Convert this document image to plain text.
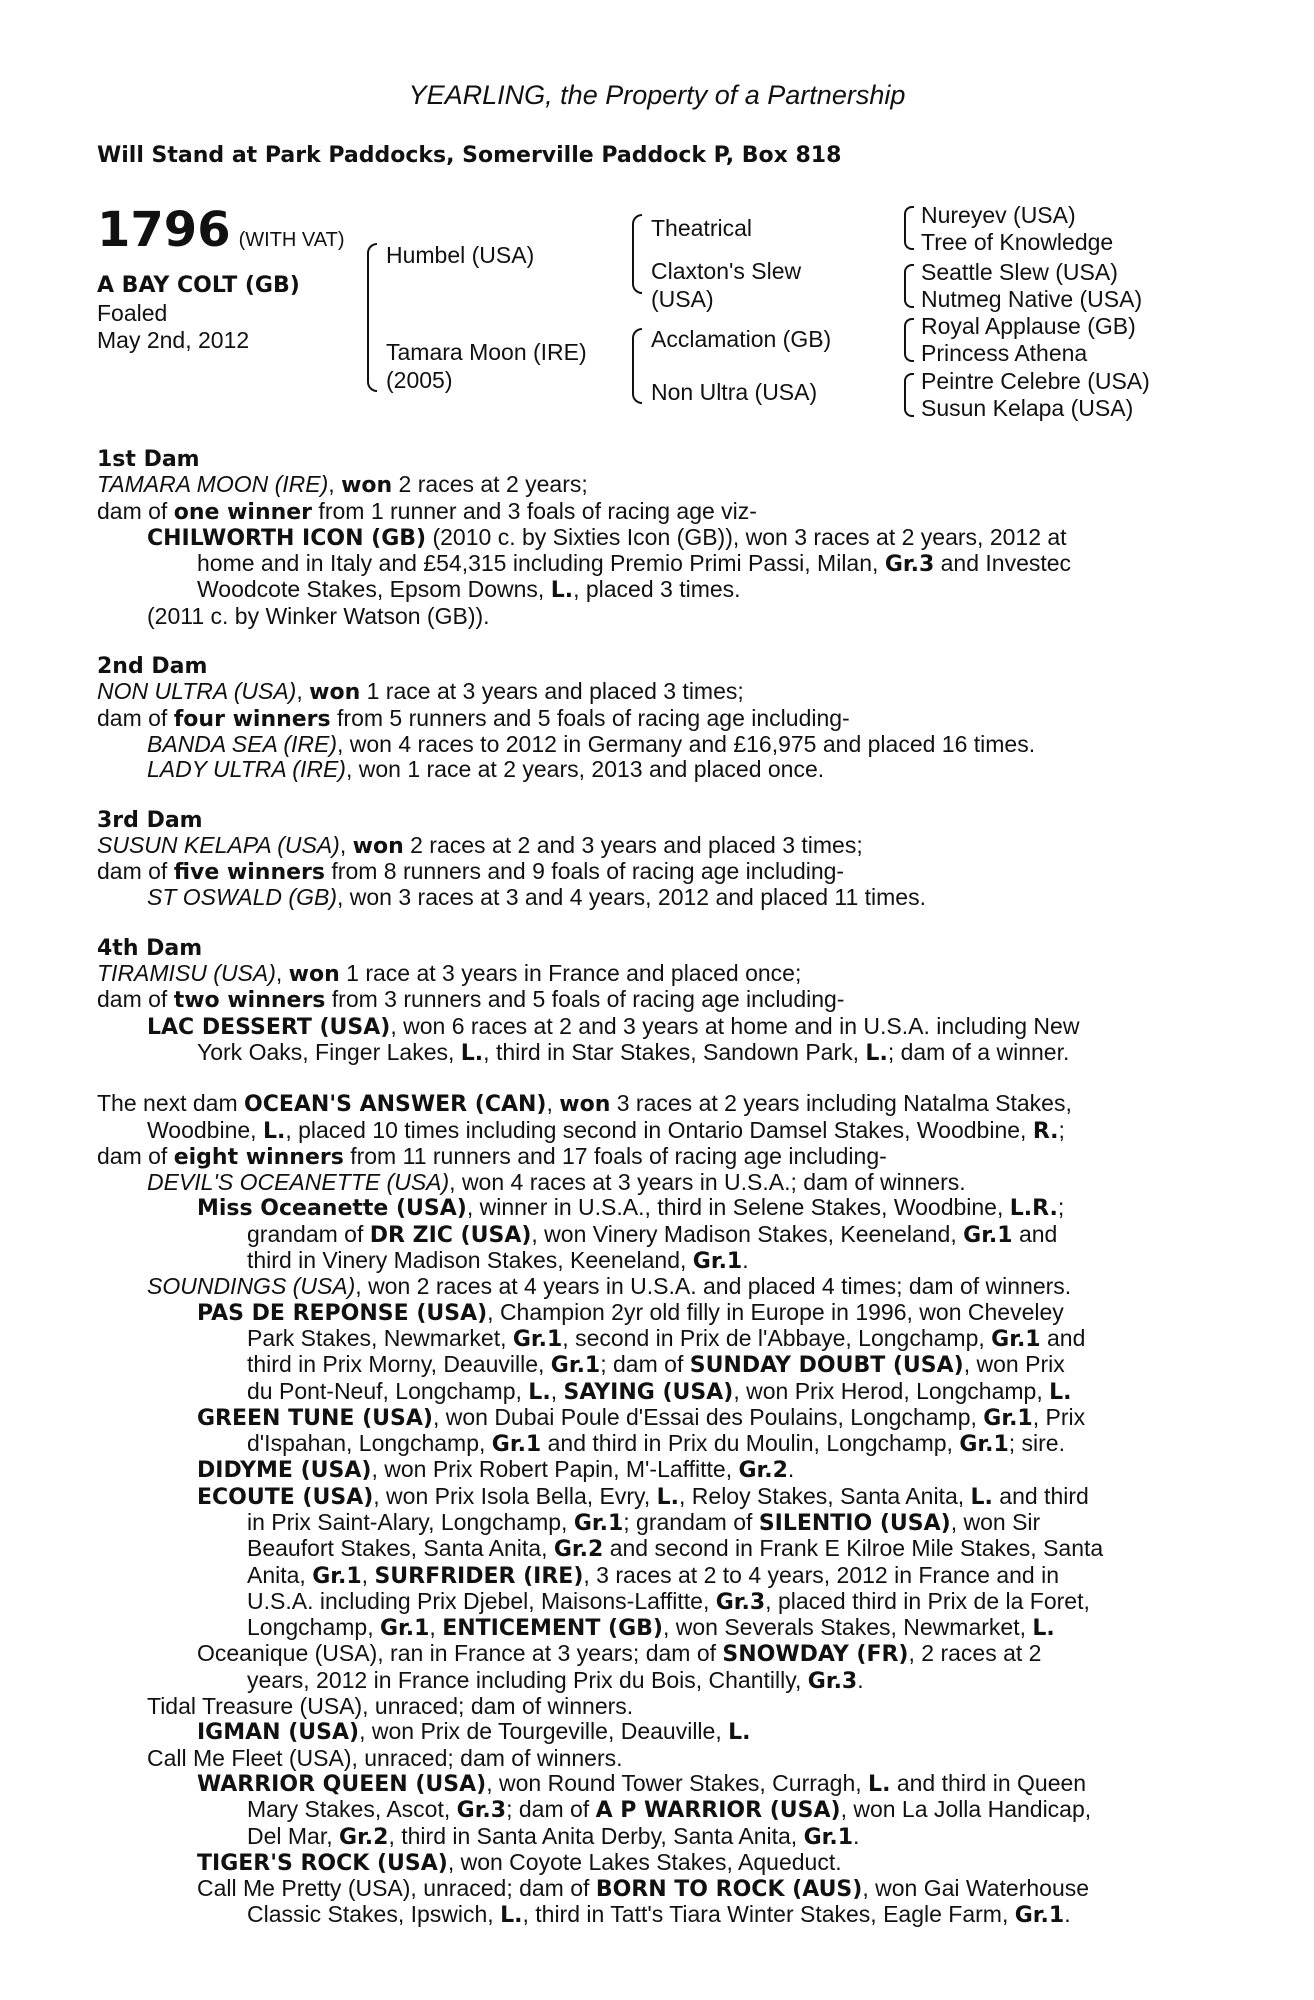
YEARLING, the Property of a Partnership
Will Stand at Park Paddocks, Somerville Paddock P, Box 818
1796 (WITH VAT)
A BAY COLT (GB)
Foaled
May 2nd, 2012
Humbel (USA)
Tamara Moon (IRE)
(2005)
Theatrical
Claxton's Slew
(USA)
Acclamation (GB)
Non Ultra (USA)
Nureyev (USA)
Tree of Knowledge
Seattle Slew (USA)
Nutmeg Native (USA)
Royal Applause (GB)
Princess Athena
Peintre Celebre (USA)
Susun Kelapa (USA)
1st Dam
TAMARA MOON (IRE), won 2 races at 2 years;
dam of one winner from 1 runner and 3 foals of racing age viz-
CHILWORTH ICON (GB) (2010 c. by Sixties Icon (GB)), won 3 races at 2 years, 2012 at
home and in Italy and £54,315 including Premio Primi Passi, Milan, Gr.3 and Investec
Woodcote Stakes, Epsom Downs, L., placed 3 times.
(2011 c. by Winker Watson (GB)).
2nd Dam
NON ULTRA (USA), won 1 race at 3 years and placed 3 times;
dam of four winners from 5 runners and 5 foals of racing age including-
BANDA SEA (IRE), won 4 races to 2012 in Germany and £16,975 and placed 16 times.
LADY ULTRA (IRE), won 1 race at 2 years, 2013 and placed once.
3rd Dam
SUSUN KELAPA (USA), won 2 races at 2 and 3 years and placed 3 times;
dam of five winners from 8 runners and 9 foals of racing age including-
ST OSWALD (GB), won 3 races at 3 and 4 years, 2012 and placed 11 times.
4th Dam
TIRAMISU (USA), won 1 race at 3 years in France and placed once;
dam of two winners from 3 runners and 5 foals of racing age including-
LAC DESSERT (USA), won 6 races at 2 and 3 years at home and in U.S.A. including New
York Oaks, Finger Lakes, L., third in Star Stakes, Sandown Park, L.; dam of a winner.
The next dam OCEAN'S ANSWER (CAN), won 3 races at 2 years including Natalma Stakes,
Woodbine, L., placed 10 times including second in Ontario Damsel Stakes, Woodbine, R.;
dam of eight winners from 11 runners and 17 foals of racing age including-
DEVIL'S OCEANETTE (USA), won 4 races at 3 years in U.S.A.; dam of winners.
Miss Oceanette (USA), winner in U.S.A., third in Selene Stakes, Woodbine, L.R.;
grandam of DR ZIC (USA), won Vinery Madison Stakes, Keeneland, Gr.1 and
third in Vinery Madison Stakes, Keeneland, Gr.1.
SOUNDINGS (USA), won 2 races at 4 years in U.S.A. and placed 4 times; dam of winners.
PAS DE REPONSE (USA), Champion 2yr old filly in Europe in 1996, won Cheveley
Park Stakes, Newmarket, Gr.1, second in Prix de l'Abbaye, Longchamp, Gr.1 and
third in Prix Morny, Deauville, Gr.1; dam of SUNDAY DOUBT (USA), won Prix
du Pont-Neuf, Longchamp, L., SAYING (USA), won Prix Herod, Longchamp, L.
GREEN TUNE (USA), won Dubai Poule d'Essai des Poulains, Longchamp, Gr.1, Prix
d'Ispahan, Longchamp, Gr.1 and third in Prix du Moulin, Longchamp, Gr.1; sire.
DIDYME (USA), won Prix Robert Papin, M'-Laffitte, Gr.2.
ECOUTE (USA), won Prix Isola Bella, Evry, L., Reloy Stakes, Santa Anita, L. and third
in Prix Saint-Alary, Longchamp, Gr.1; grandam of SILENTIO (USA), won Sir
Beaufort Stakes, Santa Anita, Gr.2 and second in Frank E Kilroe Mile Stakes, Santa
Anita, Gr.1, SURFRIDER (IRE), 3 races at 2 to 4 years, 2012 in France and in
U.S.A. including Prix Djebel, Maisons-Laffitte, Gr.3, placed third in Prix de la Foret,
Longchamp, Gr.1, ENTICEMENT (GB), won Severals Stakes, Newmarket, L.
Oceanique (USA), ran in France at 3 years; dam of SNOWDAY (FR), 2 races at 2
years, 2012 in France including Prix du Bois, Chantilly, Gr.3.
Tidal Treasure (USA), unraced; dam of winners.
IGMAN (USA), won Prix de Tourgeville, Deauville, L.
Call Me Fleet (USA), unraced; dam of winners.
WARRIOR QUEEN (USA), won Round Tower Stakes, Curragh, L. and third in Queen
Mary Stakes, Ascot, Gr.3; dam of A P WARRIOR (USA), won La Jolla Handicap,
Del Mar, Gr.2, third in Santa Anita Derby, Santa Anita, Gr.1.
TIGER'S ROCK (USA), won Coyote Lakes Stakes, Aqueduct.
Call Me Pretty (USA), unraced; dam of BORN TO ROCK (AUS), won Gai Waterhouse
Classic Stakes, Ipswich, L., third in Tatt's Tiara Winter Stakes, Eagle Farm, Gr.1.
